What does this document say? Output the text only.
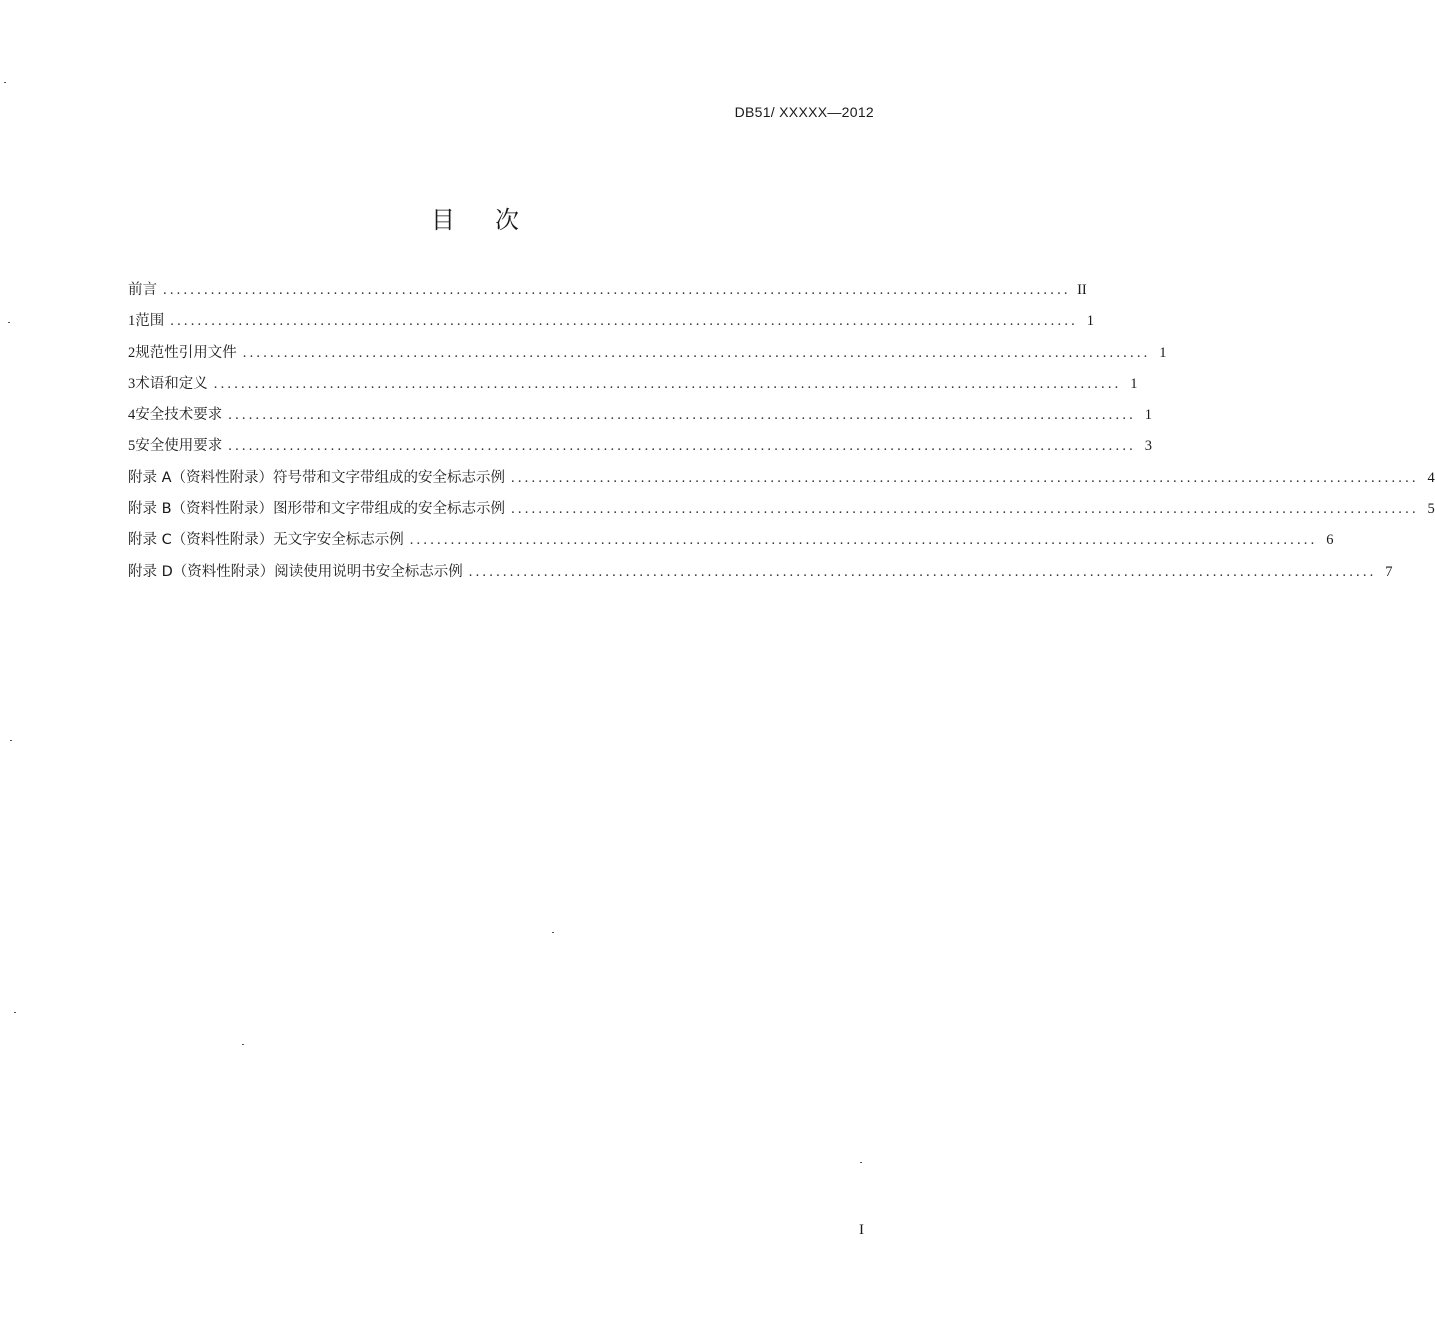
DB51/ XXXXX—2012
目次
前言 ..................................................................................................................................... II
1 范围 ..................................................................................................................................... 1
2 规范性引用文件 ..................................................................................................................................... 1
3 术语和定义 ..................................................................................................................................... 1
4 安全技术要求 ..................................................................................................................................... 1
5 安全使用要求 ..................................................................................................................................... 3
附录 A（资料性附录） 符号带和文字带组成的安全标志示例 ..................................................................................................................................... 4
附录 B（资料性附录） 图形带和文字带组成的安全标志示例 ..................................................................................................................................... 5
附录 C（资料性附录） 无文字安全标志示例 ..................................................................................................................................... 6
附录 D（资料性附录） 阅读使用说明书安全标志示例 ..................................................................................................................................... 7
I
